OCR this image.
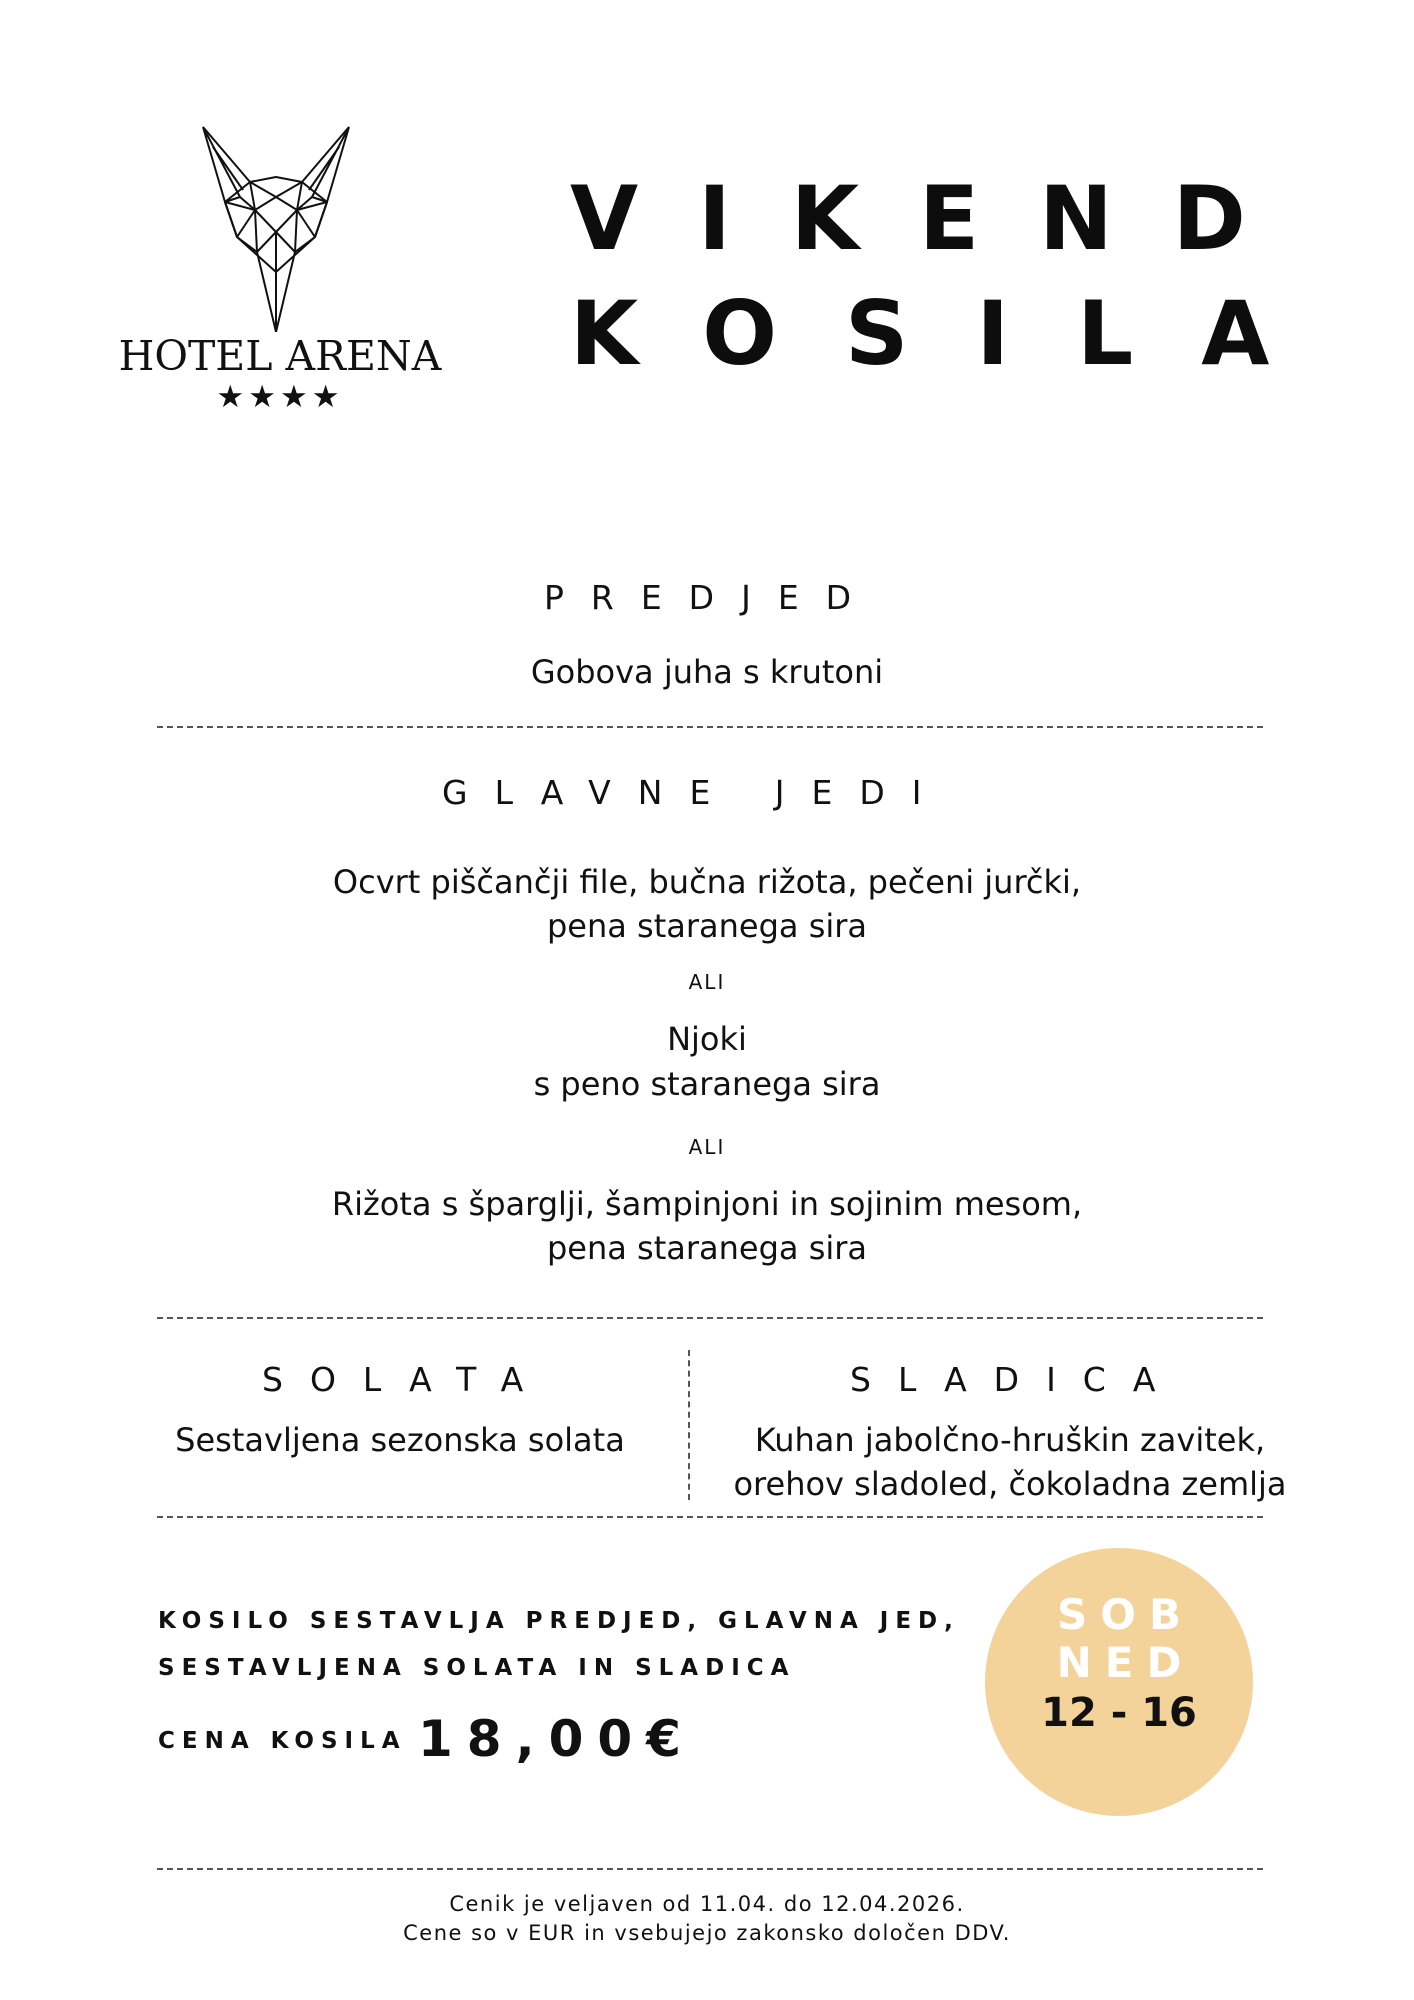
HOTEL ARENA
★★★★
VIKEND
KOSILA
PREDJED
Gobova juha s krutoni
GLAVNE JEDI
Ocvrt piščančji file, bučna rižota, pečeni jurčki,
pena staranega sira
ALI
Njoki
s peno staranega sira
ALI
Rižota s šparglji, šampinjoni in sojinim mesom,
pena staranega sira
SOLATA
Sestavljena sezonska solata
SLADICA
Kuhan jabolčno-hruškin zavitek,
orehov sladoled, čokoladna zemlja
KOSILO SESTAVLJA PREDJED, GLAVNA JED,
SESTAVLJENA SOLATA IN SLADICA
CENA KOSILA 18,00€
SOB
NED
12 - 16
Cenik je veljaven od 11.04. do 12.04.2026.
Cene so v EUR in vsebujejo zakonsko določen DDV.
